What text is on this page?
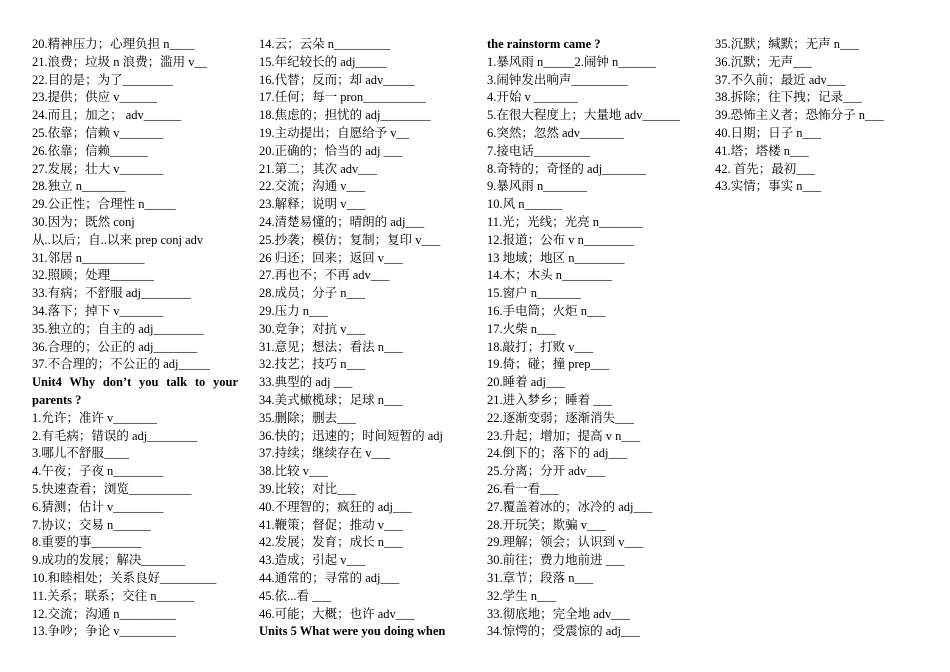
20.精神压力；心理负担 n____
21.浪费；垃圾 n 浪费；滥用 v__
22.目的是；为了________
23.提供；供应 v______
24.而且；加之； adv______
25.依靠；信赖 v_______
26.依靠；信赖______
27.发展；壮大 v_______
28.独立 n_______
29.公正性；合理性 n_____
30.因为；既然 conj
从..以后；自..以来 prep conj adv
31.邻居 n__________
32.照顾；处理_______
33.有病；不舒服 adj________
34.落下；掉下 v_______
35.独立的；自主的 adj________
36.合理的；公正的 adj_______
37.不合理的；不公正的 adj_____
Unit4 Why don’t you talk to your
parents ?
1.允许；准许 v_______
2.有毛病；错误的 adj________
3.哪儿不舒服____
4.午夜；子夜 n________
5.快速查看；浏览__________
6.猜测；估计 v________
7.协议；交易 n______
8.重要的事________
9.成功的发展；解决_______
10.和睦相处；关系良好_________
11.关系；联系；交往 n______
12.交流；沟通 n_________
13.争吵；争论 v_________
14.云；云朵 n_________
15.年纪较长的 adj_____
16.代替；反而；却 adv_____
17.任何；每一 pron__________
18.焦虑的；担忧的 adj________
19.主动提出；自愿给予 v__
20.正确的；恰当的 adj ___
21.第二；其次 adv___
22.交流；沟通 v___
23.解释；说明 v___
24.清楚易懂的；晴朗的 adj___
25.抄袭；模仿；复制；复印 v___
26 归还；回来；返回 v___
27.再也不；不再 adv___
28.成员；分子 n___
29.压力 n___
30.竞争；对抗 v___
31.意见；想法；看法 n___
32.技艺；技巧 n___
33.典型的 adj ___
34.美式橄榄球；足球 n___
35.删除；删去___
36.快的；迅速的；时间短暂的 adj
37.持续；继续存在 v___
38.比较 v___
39.比较；对比___
40.不理智的；疯狂的 adj___
41.鞭策；督促；推动 v___
42.发展；发育；成长 n___
43.造成；引起 v___
44.通常的；寻常的 adj___
45.依...看 ___
46.可能；大概；也许 adv___
Units 5 What were you doing when
the rainstorm came ?
1.暴风雨 n_____2.闹钟 n______
3.闹钟发出响声_________
4.开始 v _______
5.在很大程度上；大量地 adv______
6.突然；忽然 adv_______
7.接电话_________
8.奇特的；奇怪的 adj_______
9.暴风雨 n_______
10.风 n______
11.光；光线；光亮 n_______
12.报道；公布 v n________
13 地域；地区 n________
14.木；木头 n________
15.窗户 n_______
16.手电筒；火炬 n___
17.火柴 n___
18.敲打；打败 v___
19.倚；碰；撞 prep___
20.睡着 adj___
21.进入梦乡；睡着 ___
22.逐渐变弱；逐渐消失___
23.升起；增加；提高 v n___
24.倒下的；落下的 adj___
25.分离；分开 adv___
26.看一看___
27.覆盖着冰的；冰冷的 adj___
28.开玩笑；欺骗 v___
29.理解；领会；认识到 v___
30.前往；费力地前进 ___
31.章节；段落 n___
32.学生 n___
33.彻底地；完全地 adv___
34.惊愕的；受震惊的 adj___
35.沉默；缄默；无声 n___
36.沉默；无声___
37.不久前；最近 adv___
38.拆除；往下拽；记录___
39.恐怖主义者；恐怖分子 n___
40.日期；日子 n___
41.塔；塔楼 n___
42. 首先；最初___
43.实情；事实 n___
